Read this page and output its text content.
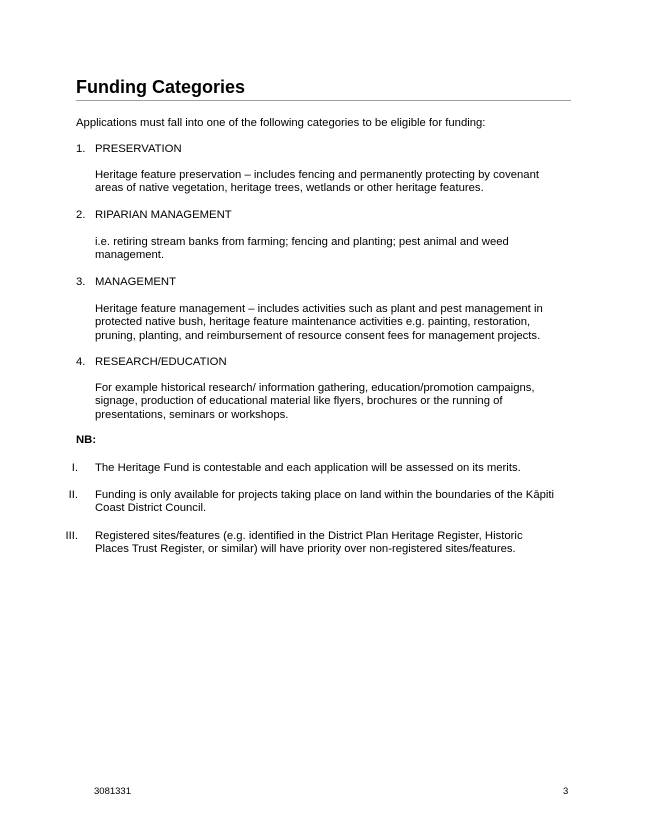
Funding Categories
Applications must fall into one of the following categories to be eligible for funding:
1. PRESERVATION
Heritage feature preservation – includes fencing and permanently protecting by covenant
areas of native vegetation, heritage trees, wetlands or other heritage features.
2. RIPARIAN MANAGEMENT
i.e. retiring stream banks from farming; fencing and planting; pest animal and weed
management.
3. MANAGEMENT
Heritage feature management – includes activities such as plant and pest management in
protected native bush, heritage feature maintenance activities e.g. painting, restoration,
pruning, planting, and reimbursement of resource consent fees for management projects.
4. RESEARCH/EDUCATION
For example historical research/ information gathering, education/promotion campaigns,
signage, production of educational material like flyers, brochures or the running of
presentations, seminars or workshops.
NB:
I. The Heritage Fund is contestable and each application will be assessed on its merits.
II. Funding is only available for projects taking place on land within the boundaries of the Kāpiti
Coast District Council.
III. Registered sites/features (e.g. identified in the District Plan Heritage Register, Historic
Places Trust Register, or similar) will have priority over non-registered sites/features.
3081331	3
